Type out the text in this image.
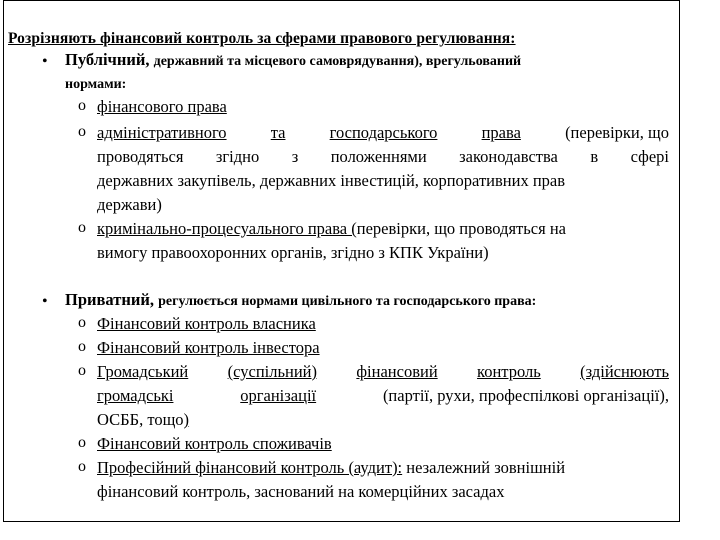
Розрізняють фінансовий контроль за сферами правового регулювання:
• Публічний, державний та місцевого самоврядування), врегульований
нормами:
o фінансового права
o адміністративного	та	господарського	права	(перевірки, що
проводяться згідно з положеннями законодавства в сфері
державних закупівель, державних інвестицій, корпоративних прав
держави)
o кримінально-процесуального права (перевірки, що проводяться на
вимогу правоохоронних органів, згідно з КПК України)
• Приватний, регулюється нормами цивільного та господарського права:
o Фінансовий контроль власника
o Фінансовий контроль інвестора
o Громадський (суспільний) фінансовий контроль (здійснюють
громадські	організації	(партії, рухи, професпілкові організації),
ОСББ, тощо)
o Фінансовий контроль споживачів
o Професійний фінансовий контроль (аудит): незалежний зовнішній
фінансовий контроль, заснований на комерційних засадах
